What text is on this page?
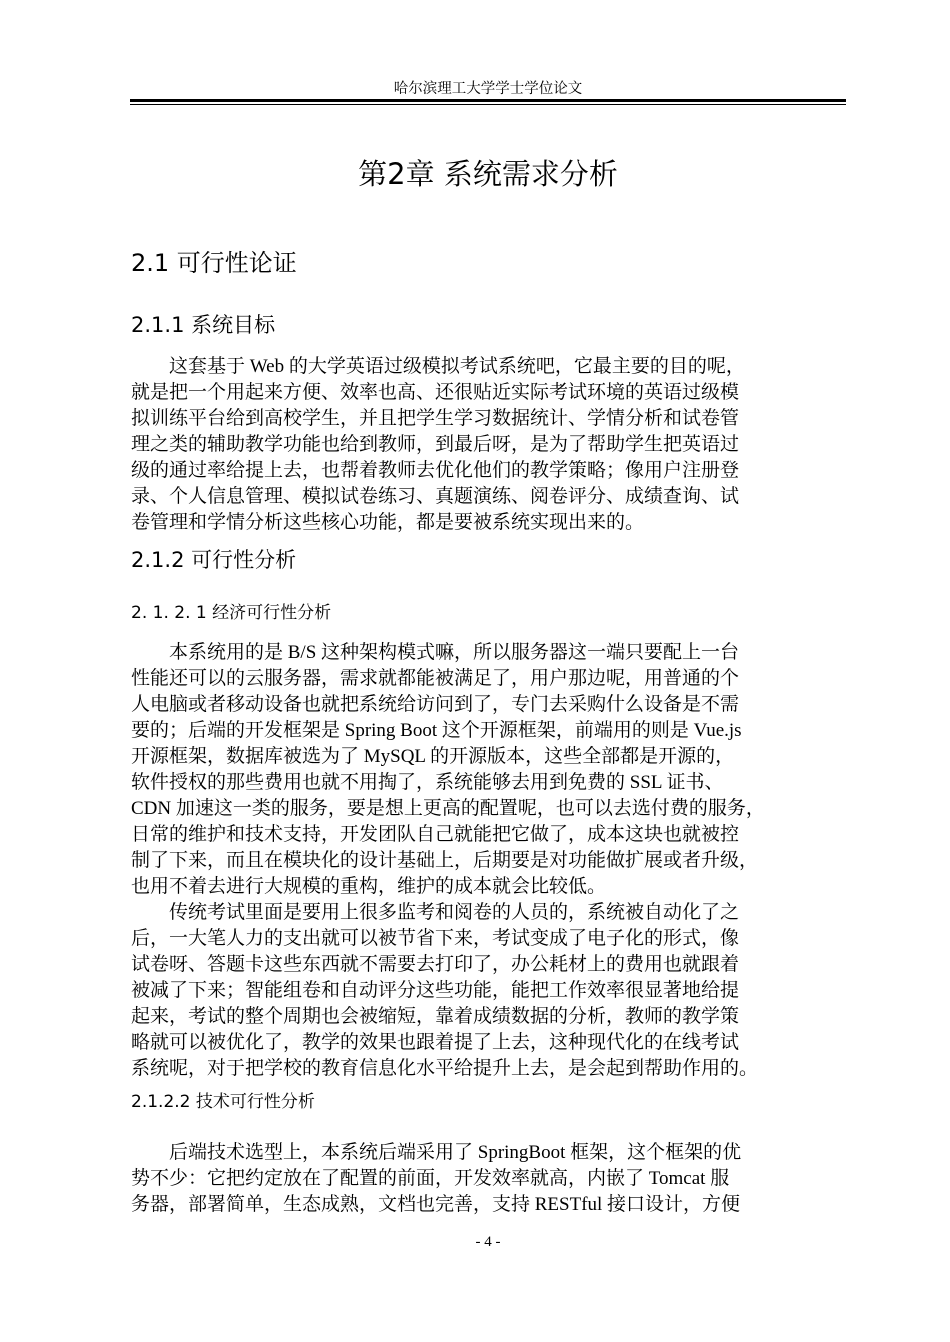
哈尔滨理工大学学士学位论文
第2章 系统需求分析
2.1 可行性论证
2.1.1 系统目标
这套基于 Web 的大学英语过级模拟考试系统吧，它最主要的目的呢，
就是把一个用起来方便、效率也高、还很贴近实际考试环境的英语过级模
拟训练平台给到高校学生，并且把学生学习数据统计、学情分析和试卷管
理之类的辅助教学功能也给到教师，到最后呀，是为了帮助学生把英语过
级的通过率给提上去，也帮着教师去优化他们的教学策略；像用户注册登
录、个人信息管理、模拟试卷练习、真题演练、阅卷评分、成绩查询、试
卷管理和学情分析这些核心功能，都是要被系统实现出来的。
2.1.2 可行性分析
2. 1. 2. 1 经济可行性分析
本系统用的是 B/S 这种架构模式嘛，所以服务器这一端只要配上一台
性能还可以的云服务器，需求就都能被满足了，用户那边呢，用普通的个
人电脑或者移动设备也就把系统给访问到了，专门去采购什么设备是不需
要的；后端的开发框架是 Spring Boot 这个开源框架，前端用的则是 Vue.js
开源框架，数据库被选为了 MySQL 的开源版本，这些全部都是开源的，
软件授权的那些费用也就不用掏了，系统能够去用到免费的 SSL 证书、
CDN 加速这一类的服务，要是想上更高的配置呢，也可以去选付费的服务，
日常的维护和技术支持，开发团队自己就能把它做了，成本这块也就被控
制了下来，而且在模块化的设计基础上，后期要是对功能做扩展或者升级，
也用不着去进行大规模的重构，维护的成本就会比较低。
传统考试里面是要用上很多监考和阅卷的人员的，系统被自动化了之
后，一大笔人力的支出就可以被节省下来，考试变成了电子化的形式，像
试卷呀、答题卡这些东西就不需要去打印了，办公耗材上的费用也就跟着
被减了下来；智能组卷和自动评分这些功能，能把工作效率很显著地给提
起来，考试的整个周期也会被缩短，靠着成绩数据的分析，教师的教学策
略就可以被优化了，教学的效果也跟着提了上去，这种现代化的在线考试
系统呢，对于把学校的教育信息化水平给提升上去，是会起到帮助作用的。
2.1.2.2 技术可行性分析
后端技术选型上，本系统后端采用了 SpringBoot 框架，这个框架的优
势不少：它把约定放在了配置的前面，开发效率就高，内嵌了 Tomcat 服
务器，部署简单，生态成熟，文档也完善，支持 RESTful 接口设计，方便
- 4 -
